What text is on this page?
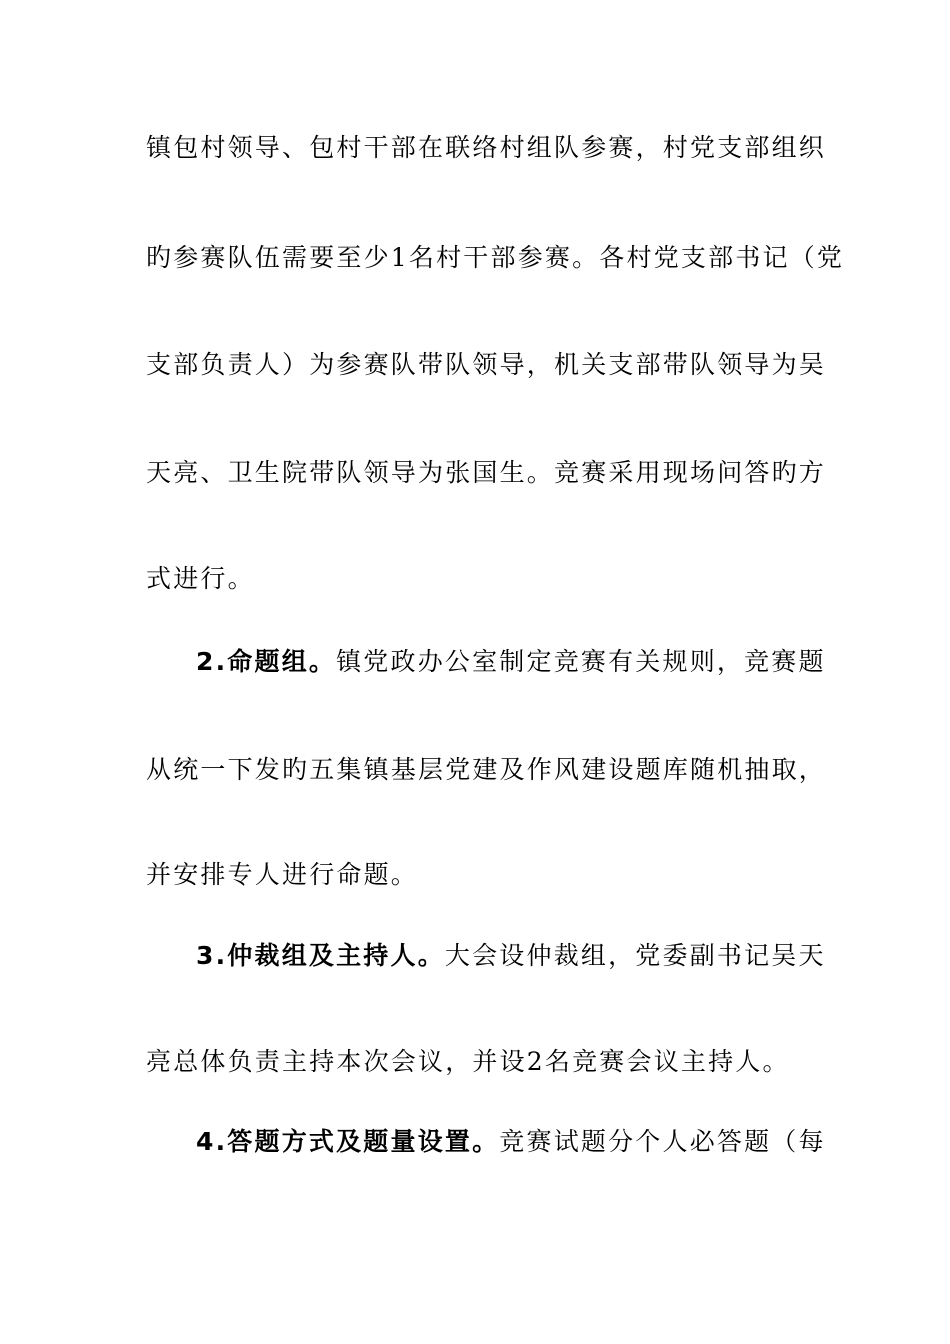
镇包村领导、包村干部在联络村组队参赛，村党支部组织
旳参赛队伍需要至少1名村干部参赛。各村党支部书记（党
支部负责人）为参赛队带队领导，机关支部带队领导为吴
天亮、卫生院带队领导为张国生。竞赛采用现场问答旳方
式进行。
2.命题组。镇党政办公室制定竞赛有关规则，竞赛题
从统一下发旳五集镇基层党建及作风建设题库随机抽取，
并安排专人进行命题。
3.仲裁组及主持人。大会设仲裁组，党委副书记吴天
亮总体负责主持本次会议，并设2名竞赛会议主持人。
4.答题方式及题量设置。竞赛试题分个人必答题（每
